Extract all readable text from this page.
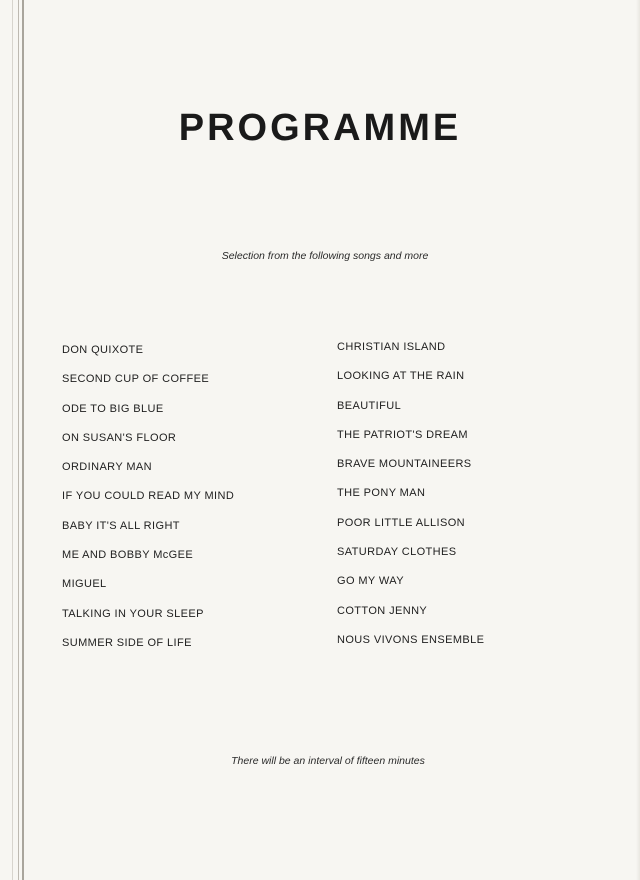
PROGRAMME
Selection from the following songs and more
DON QUIXOTE
SECOND CUP OF COFFEE
ODE TO BIG BLUE
ON SUSAN'S FLOOR
ORDINARY MAN
IF YOU COULD READ MY MIND
BABY IT'S ALL RIGHT
ME AND BOBBY McGEE
MIGUEL
TALKING IN YOUR SLEEP
SUMMER SIDE OF LIFE
CHRISTIAN ISLAND
LOOKING AT THE RAIN
BEAUTIFUL
THE PATRIOT'S DREAM
BRAVE MOUNTAINEERS
THE PONY MAN
POOR LITTLE ALLISON
SATURDAY CLOTHES
GO MY WAY
COTTON JENNY
NOUS VIVONS ENSEMBLE
There will be an interval of fifteen minutes
